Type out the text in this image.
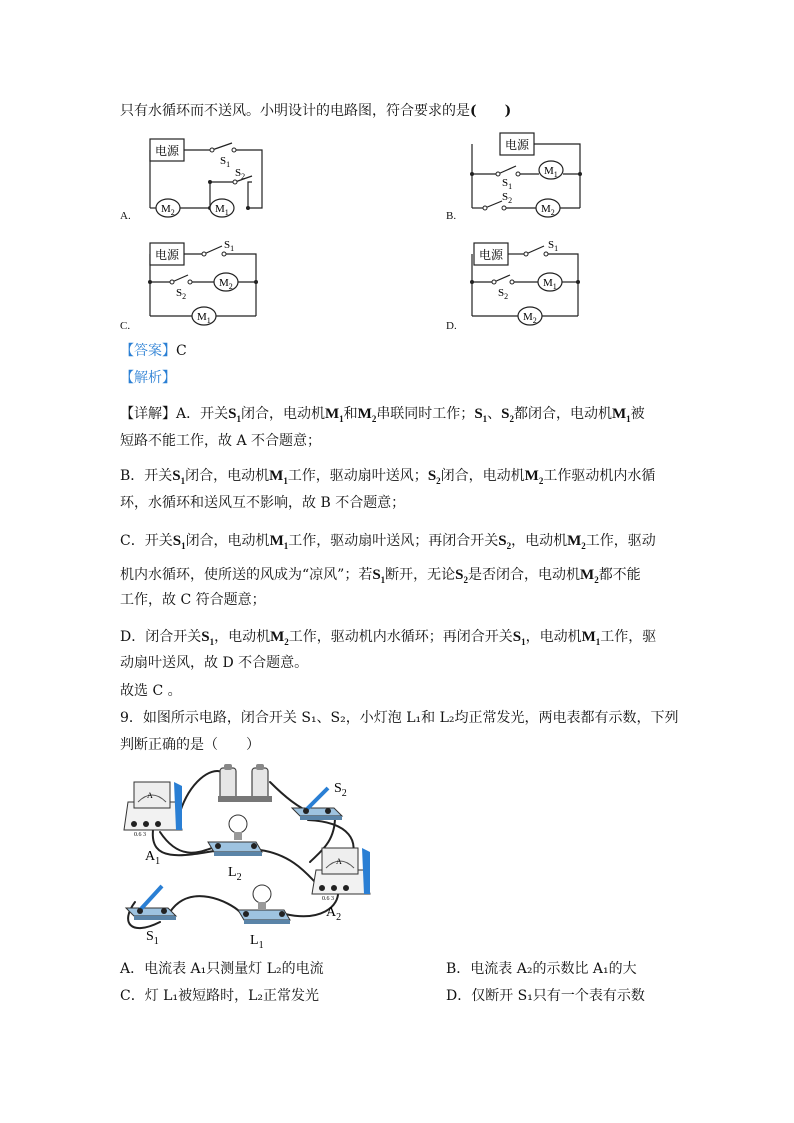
只有水循环而不送风。小明设计的电路图，符合要求的是(　　)
电源
$S_1$
$S_2$
$M_2$	$M_1$
A.
电源
$S_1$
$M_1$
$S_2$
$M_2$
B.
电源
$S_1$
$S_2$
$M_2$
$M_1$
C.
电源
$S_1$
$S_2$
$M_1$
$M_2$
D.
【答案】C
【解析】
【详解】A．开关$S_1$闭合，电动机$M_1$和$M_2$串联同时工作；$S_1$、$S_2$都闭合，电动机$M_1$被
短路不能工作，故 A 不合题意；
B．开关$S_1$闭合，电动机$M_1$工作，驱动扇叶送风；$S_2$闭合，电动机$M_2$工作驱动机内水循
环，水循环和送风互不影响，故 B 不合题意；
C．开关$S_1$闭合，电动机$M_1$工作，驱动扇叶送风；再闭合开关$S_2$，电动机$M_2$工作，驱动
机内水循环，使所送的风成为“凉风”；若$S_1$断开，无论$S_2$是否闭合，电动机$M_2$都不能
工作，故 C 符合题意；
D．闭合开关$S_1$，电动机$M_2$工作，驱动机内水循环；再闭合开关$S_1$，电动机$M_1$工作，驱
动扇叶送风，故 D 不合题意。
故选 C 。
9．如图所示电路，闭合开关 S₁、S₂，小灯泡 L₁和 L₂均正常发光，两电表都有示数，下列
判断正确的是（　　）
$S_2$
A
0.6 3
$A_1$
$L_2$
A
0.6 3
$A_2$
$S_1$	$L_1$
A．电流表 A₁只测量灯 L₂的电流	B．电流表 A₂的示数比 A₁的大
C．灯 L₁被短路时，L₂正常发光	D．仅断开 S₁只有一个表有示数
